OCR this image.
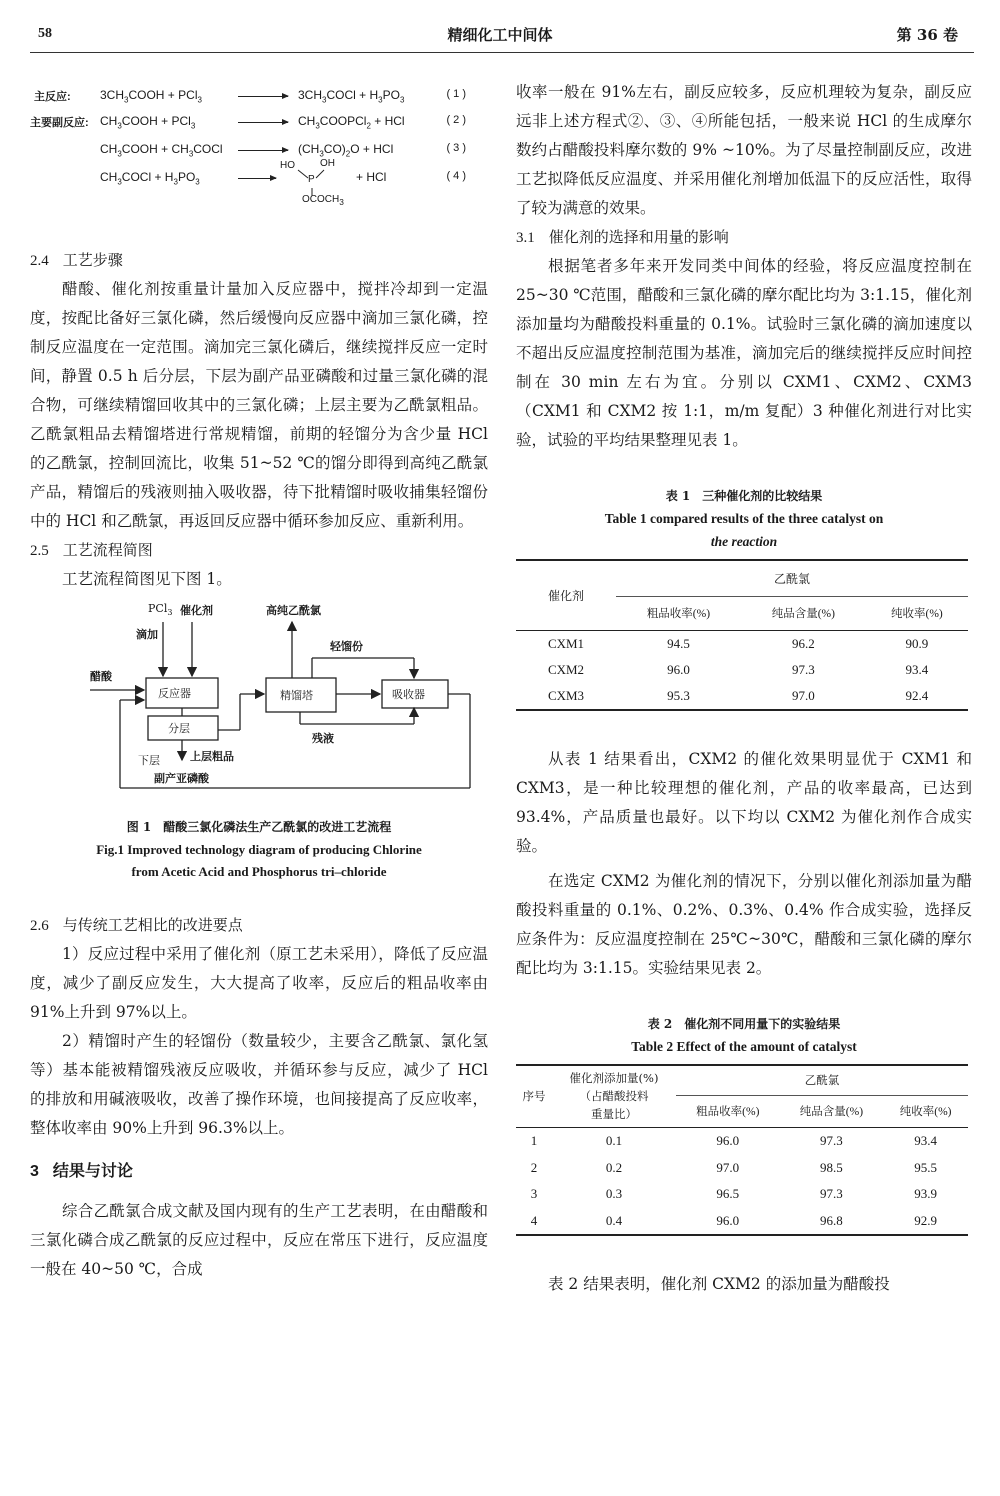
58	精细化工中间体	第 36 卷
主反应: $3CH_3COOH + PCl_3$	$3CH_3COCl + H_3PO_3$	( 1 )
主要副反应: $CH_3COOH + PCl_3$	$CH_3COOPCl_2$ + HCl	( 2 )
$CH_3COOH$ + $CH_3COCl$	$(CH_3CO)_2O$ + HCl	( 3 )
$CH_3COCl + H_3PO_3$	+ HCl	( 4 )
HO	OH
P
$OCOCH_3$
2.4 工艺步骤

醋酸、催化剂按重量计量加入反应器中，搅拌冷却到一定温度，按配比备好三氯化磷，然后缓慢向反应器中滴加三氯化磷，控制反应温度在一定范围。滴加完三氯化磷后，继续搅拌反应一定时间，静置 0.5 h 后分层，下层为副产品亚磷酸和过量三氯化磷的混合物，可继续精馏回收其中的三氯化磷；上层主要为乙酰氯粗品。乙酰氯粗品去精馏塔进行常规精馏，前期的轻馏分为含少量 HCl 的乙酰氯，控制回流比，收集 51~52 ℃的馏分即得到高纯乙酰氯产品，精馏后的残液则抽入吸收器，待下批精馏时吸收捕集轻馏份中的 HCl 和乙酰氯，再返回反应器中循环参加反应、重新利用。

2.5 工艺流程简图

工艺流程简图见下图 1。

PCl$_3$ 催化剂
滴加
醋酸
反应器
高纯乙酰氯
轻馏份
精馏塔	吸收器
分层
残液
下层	上层粗品
副产亚磷酸
图 1　醋酸三氯化磷法生产乙酰氯的改进工艺流程
Fig.1 Improved technology diagram of producing Chlorine
from Acetic Acid and Phosphorus tri–chloride
2.6 与传统工艺相比的改进要点

1）反应过程中采用了催化剂（原工艺未采用），降低了反应温度，减少了副反应发生，大大提高了收率，反应后的粗品收率由 91%上升到 97%以上。

2）精馏时产生的轻馏份（数量较少，主要含乙酰氯、氯化氢等）基本能被精馏残液反应吸收，并循环参与反应，减少了 HCl 的排放和用碱液吸收，改善了操作环境，也间接提高了反应收率，整体收率由 90%上升到 96.3%以上。

3 结果与讨论

综合乙酰氯合成文献及国内现有的生产工艺表明，在由醋酸和三氯化磷合成乙酰氯的反应过程中，反应在常压下进行，反应温度一般在 40~50 ℃，合成

收率一般在 91%左右，副反应较多，反应机理较为复杂，副反应远非上述方程式②、③、④所能包括，一般来说 HCl 的生成摩尔数约占醋酸投料摩尔数的 9% ~10%。为了尽量控制副反应，改进工艺拟降低反应温度、并采用催化剂增加低温下的反应活性，取得了较为满意的效果。

3.1 催化剂的选择和用量的影响

根据笔者多年来开发同类中间体的经验，将反应温度控制在 25~30 ℃范围，醋酸和三氯化磷的摩尔配比均为 3:1.15，催化剂添加量均为醋酸投料重量的 0.1%。试验时三氯化磷的滴加速度以不超出反应温度控制范围为基准，滴加完后的继续搅拌反应时间控制在 30 min 左右为宜。分别以 CXM1、CXM2、CXM3（CXM1 和 CXM2 按 1:1，m/m 复配）3 种催化剂进行对比实验，试验的平均结果整理见表 1。

表 1　三种催化剂的比较结果

Table 1 compared results of the three catalyst on

the reaction

催化剂	乙酰氯		
	粗品收率(%)	纯品含量(%)	纯收率(%)
CXM1	94.5	96.2	90.9
CXM2	96.0	97.3	93.4
CXM3	95.3	97.0	92.4

从表 1 结果看出，CXM2 的催化效果明显优于 CXM1 和 CXM3，是一种比较理想的催化剂，产品的收率最高，已达到 93.4%，产品质量也最好。以下均以 CXM2 为催化剂作合成实验。

在选定 CXM2 为催化剂的情况下，分别以催化剂添加量为醋酸投料重量的 0.1%、0.2%、0.3%、0.4% 作合成实验，选择反应条件为：反应温度控制在 25℃~30℃，醋酸和三氯化磷的摩尔配比均为 3:1.15。实验结果见表 2。

表 2　催化剂不同用量下的实验结果

Table 2 Effect of the amount of catalyst

序号	催化剂添加量(%)
（占醋酸投料
重量比）	乙酰氯		
		粗品收率(%)	纯品含量(%)	纯收率(%)
1	0.1	96.0	97.3	93.4
2	0.2	97.0	98.5	95.5
3	0.3	96.5	97.3	93.9
4	0.4	96.0	96.8	92.9

表 2 结果表明，催化剂 CXM2 的添加量为醋酸投
